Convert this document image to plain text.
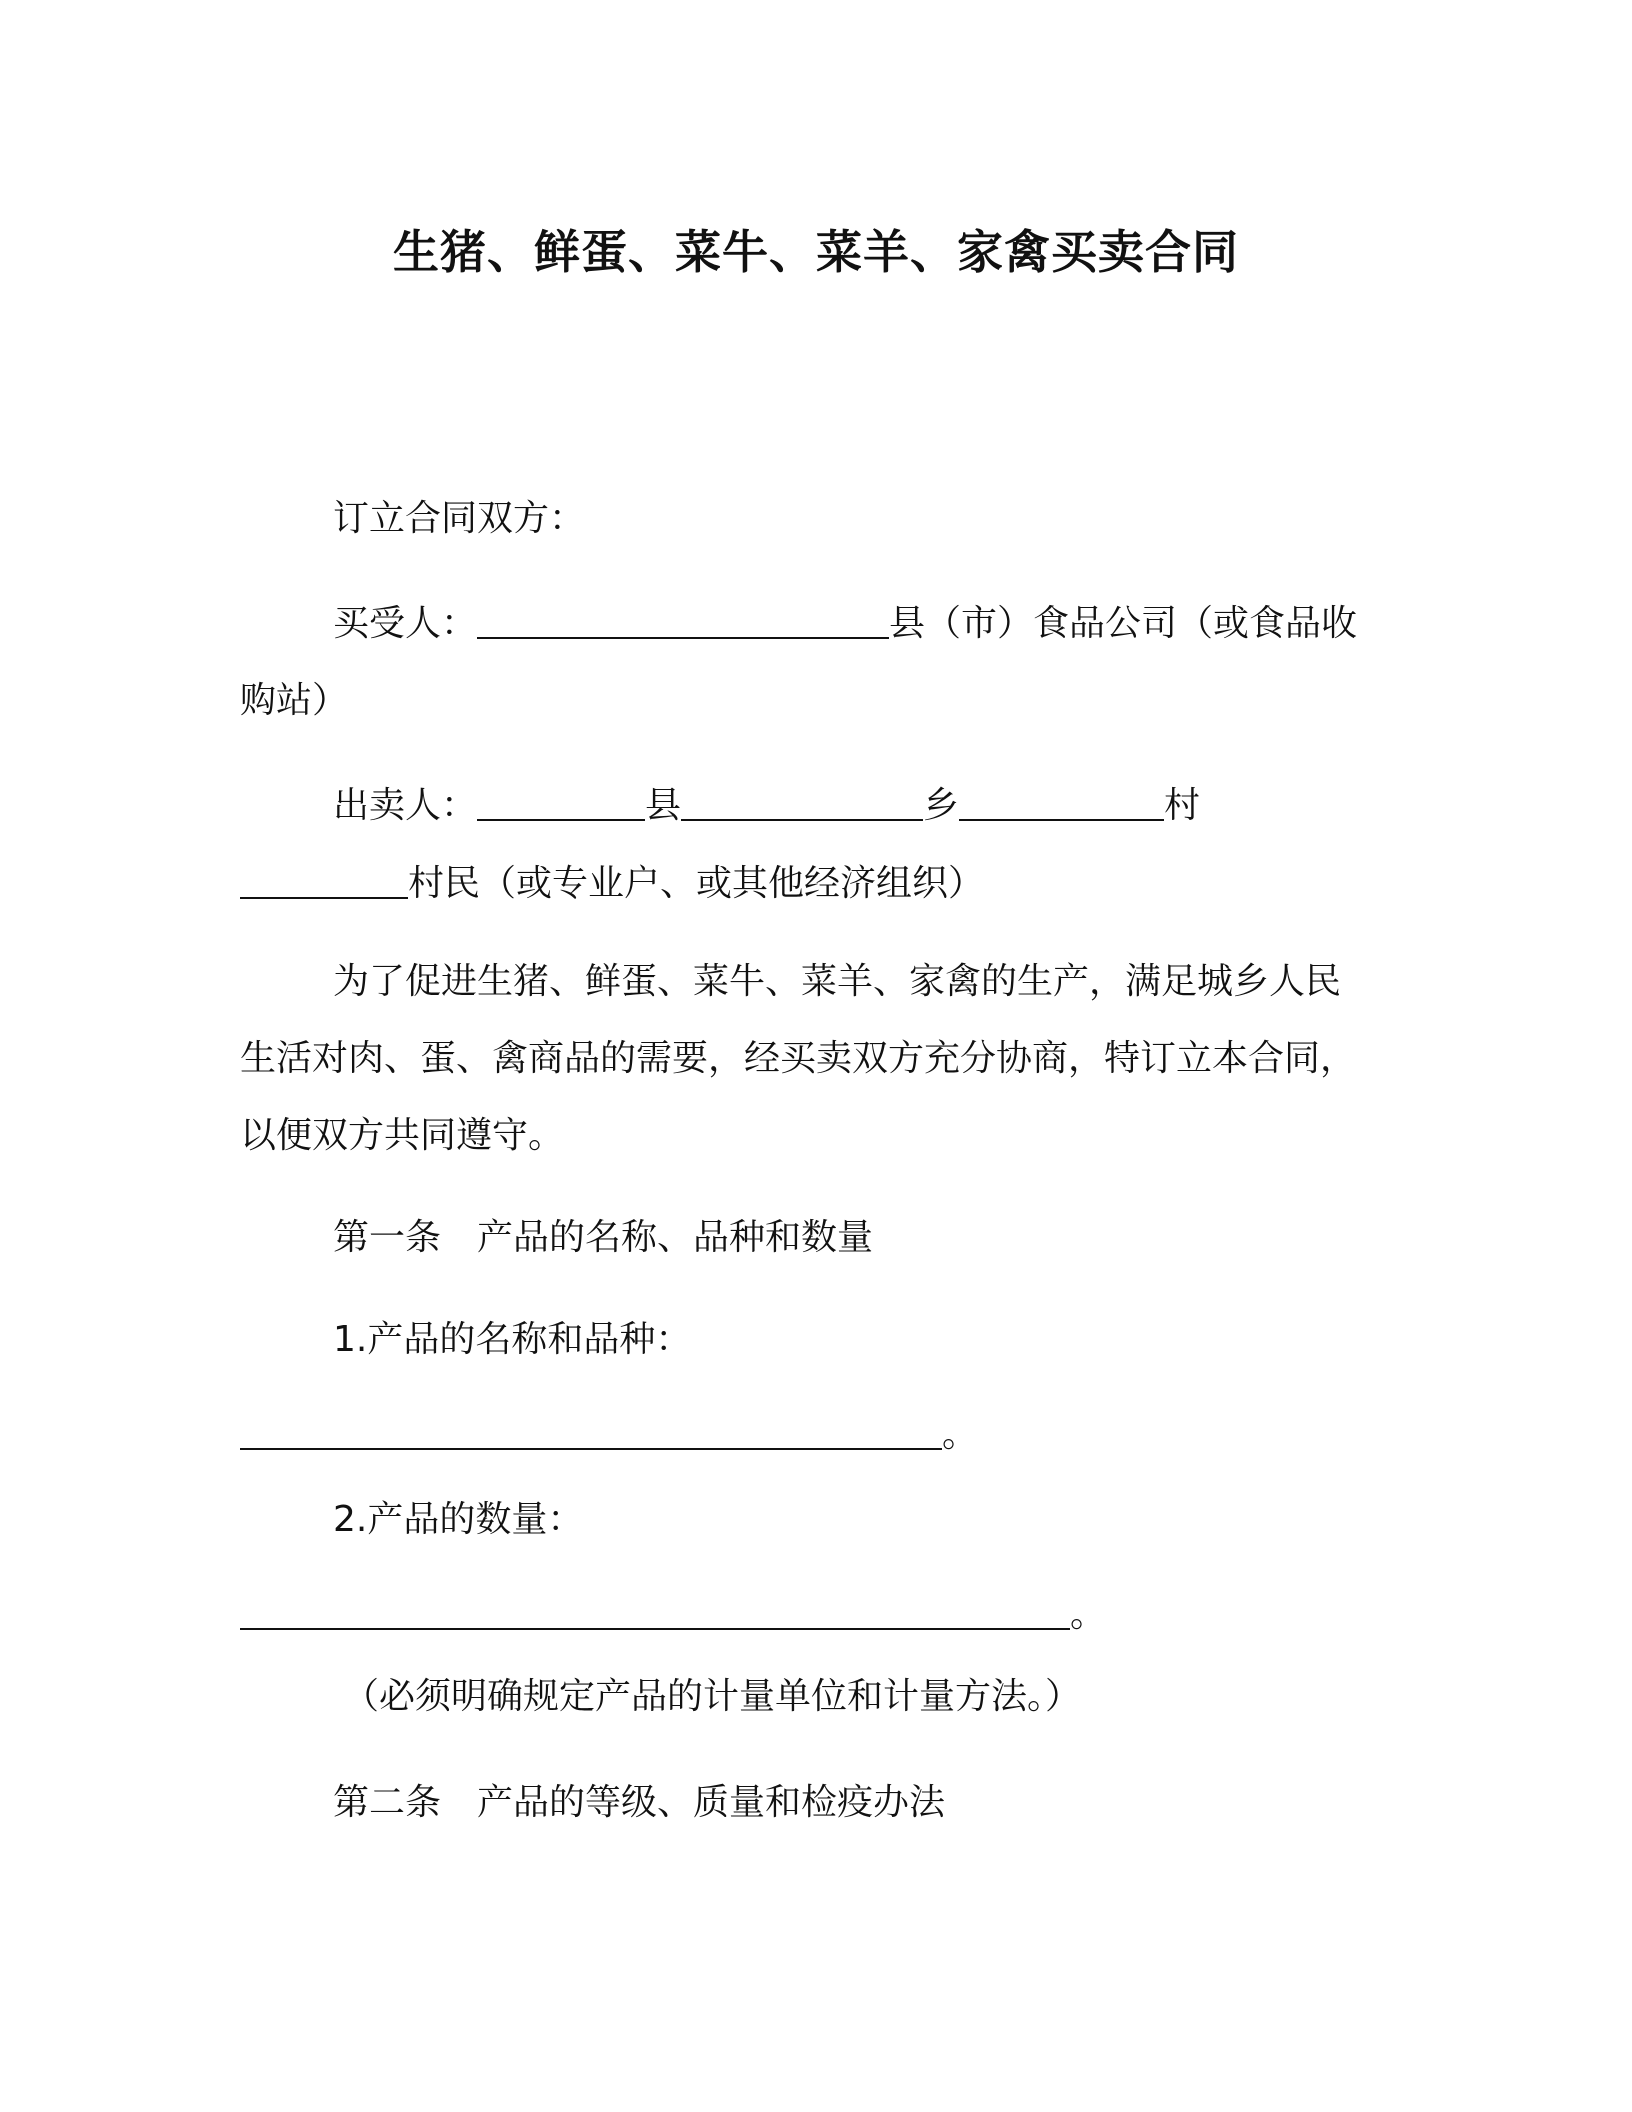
生猪、鲜蛋、菜牛、菜羊、家禽买卖合同
订立合同双方：
买受人：	县（市）食品公司（或食品收
购站）
出卖人：	县	乡	村
村民（或专业户、或其他经济组织）
为了促进生猪、鲜蛋、菜牛、菜羊、家禽的生产，满足城乡人民
生活对肉、蛋、禽商品的需要，经买卖双方充分协商，特订立本合同，
以便双方共同遵守。
第一条　产品的名称、品种和数量
1.产品的名称和品种：
。
2.产品的数量：
。
（必须明确规定产品的计量单位和计量方法。）
第二条　产品的等级、质量和检疫办法
